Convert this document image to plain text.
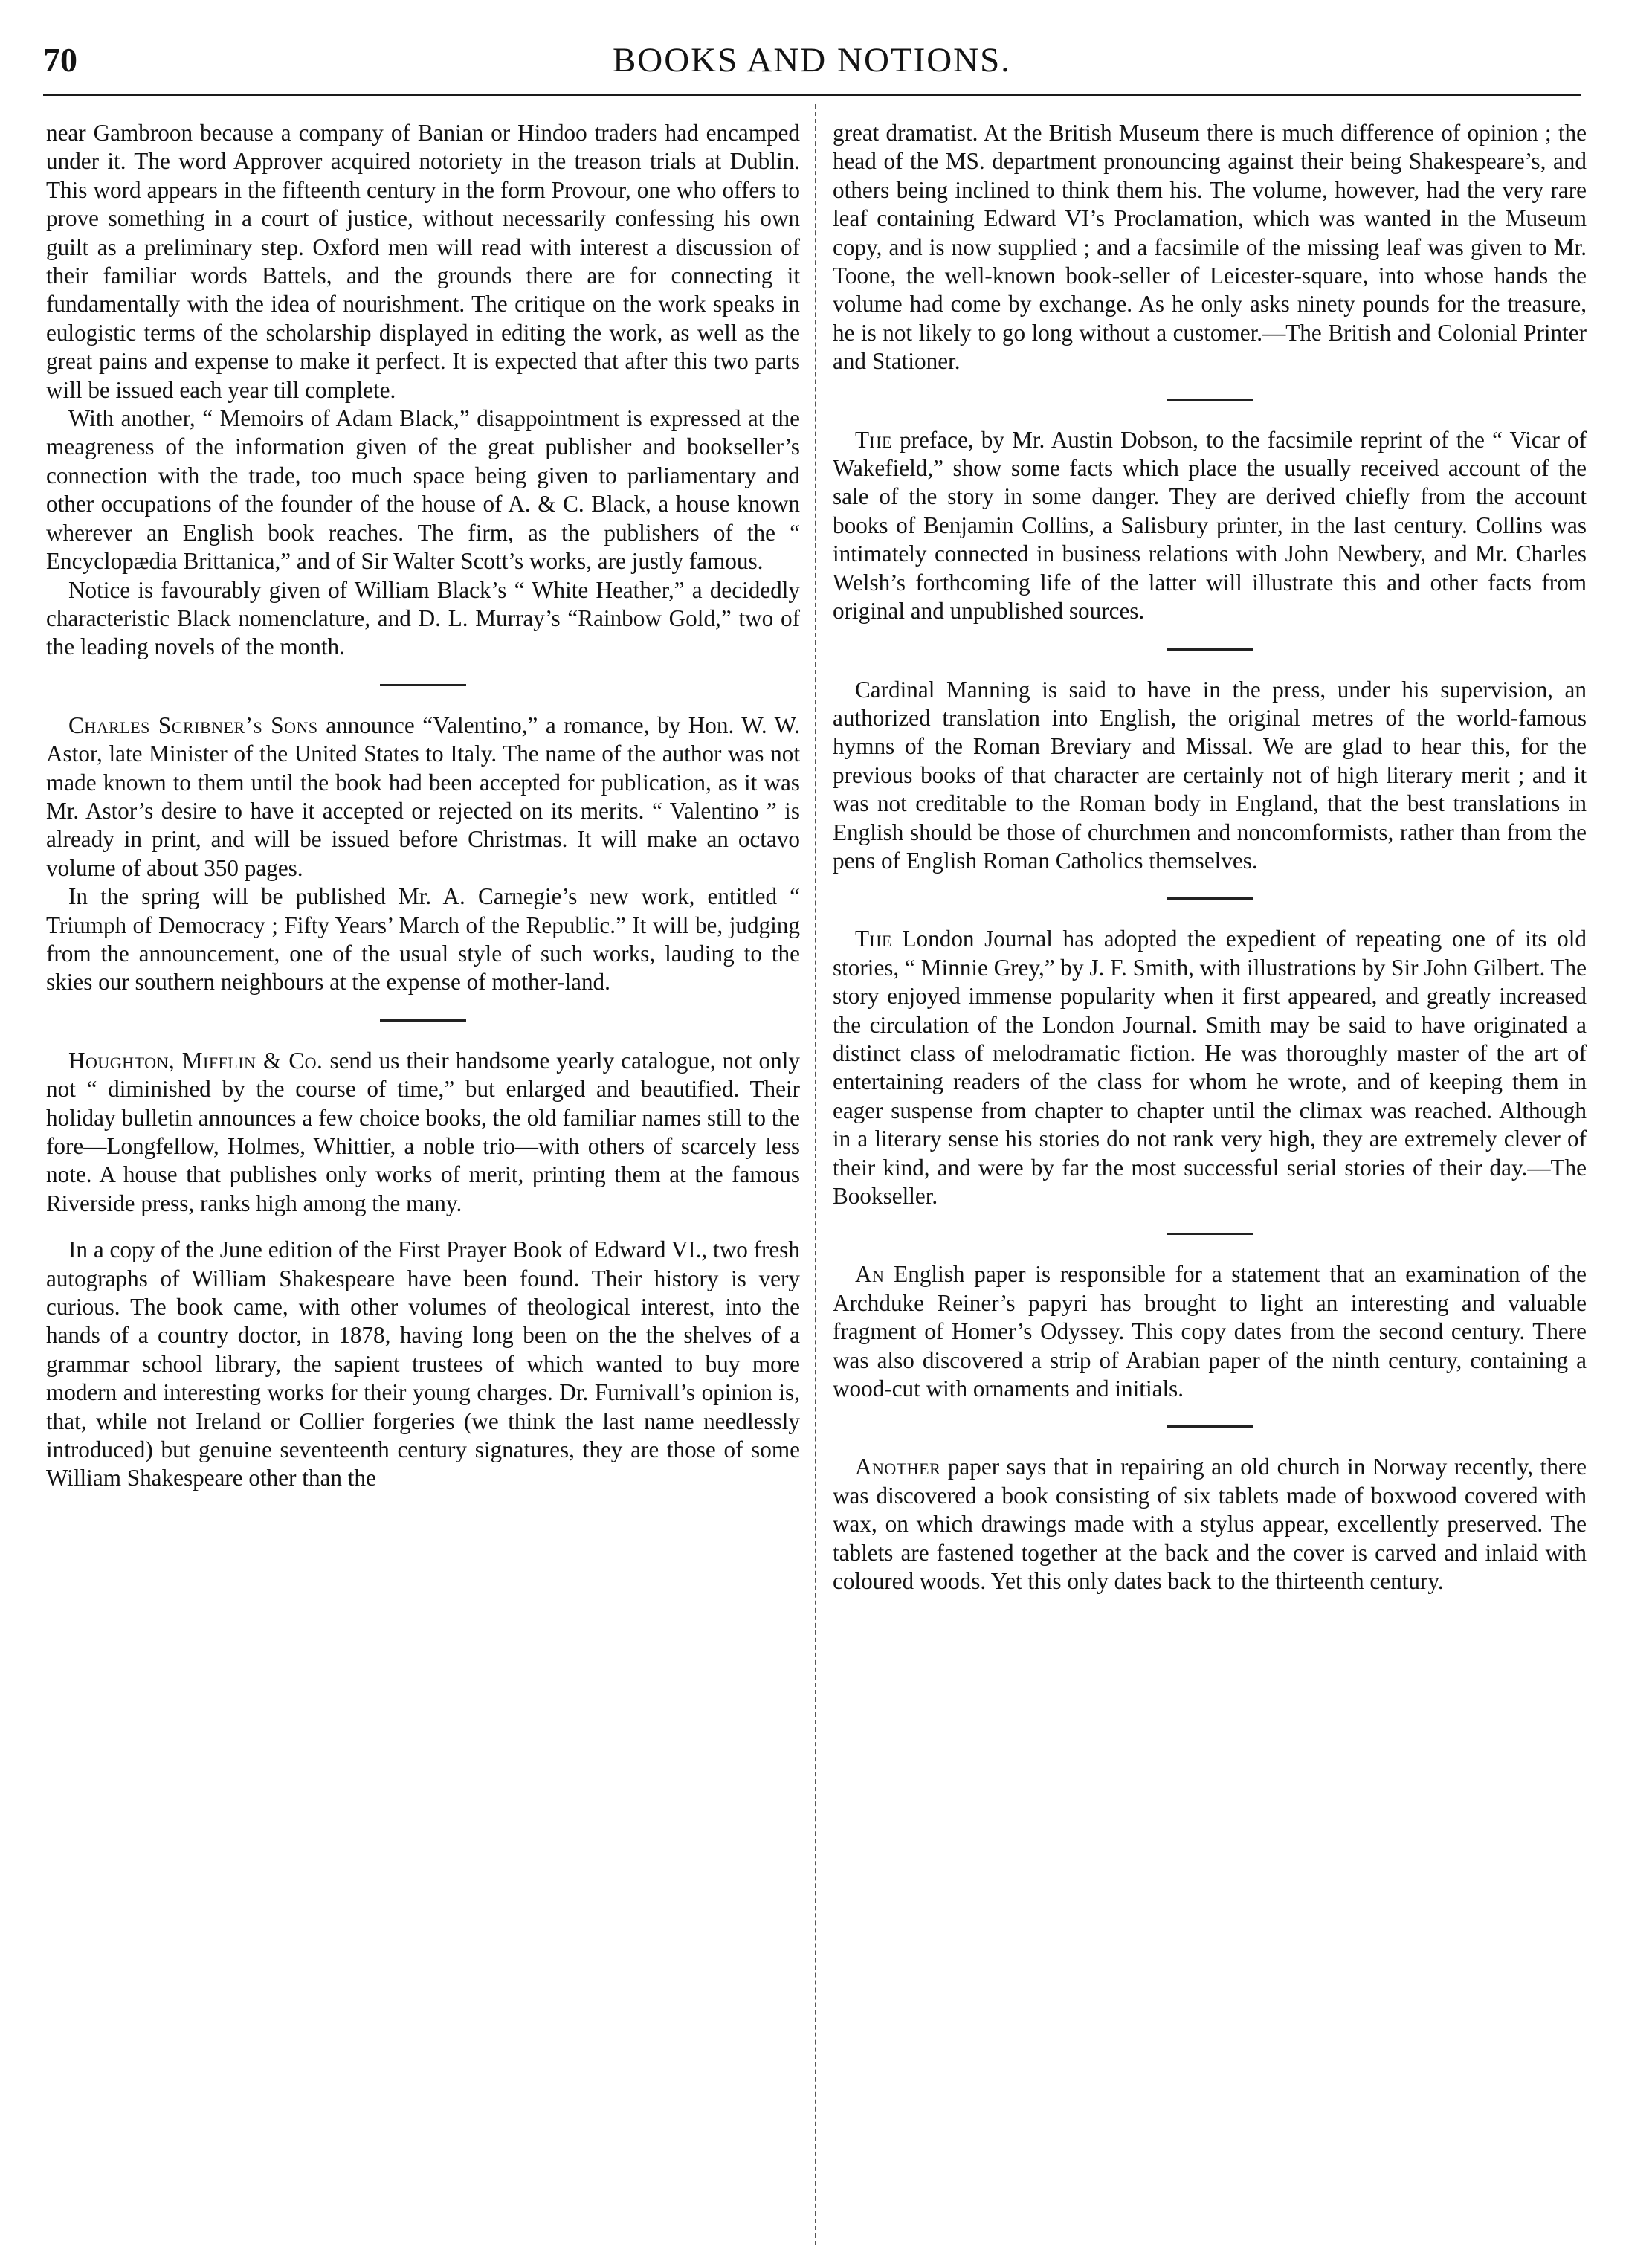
70	BOOKS AND NOTIONS.

near Gambroon because a company of Banian or Hindoo traders had encamped under it. The word Approver acquired notoriety in the treason trials at Dublin. This word appears in the fifteenth century in the form Provour, one who offers to prove something in a court of justice, without necessarily confessing his own guilt as a preliminary step. Oxford men will read with interest a discussion of their familiar words Battels, and the grounds there are for connecting it fundamentally with the idea of nourishment. The critique on the work speaks in eulogistic terms of the scholarship displayed in editing the work, as well as the great pains and expense to make it perfect. It is expected that after this two parts will be issued each year till complete.

With another, “ Memoirs of Adam Black,” disappointment is expressed at the meagreness of the information given of the great publisher and bookseller’s connection with the trade, too much space being given to parliamentary and other occupations of the founder of the house of A. & C. Black, a house known wherever an English book reaches. The firm, as the publishers of the “ Encyclopædia Brittanica,” and of Sir Walter Scott’s works, are justly famous.

Notice is favourably given of William Black’s “ White Heather,” a decidedly characteristic Black nomenclature, and D. L. Murray’s “Rainbow Gold,” two of the leading novels of the month.

Charles Scribner’s Sons announce “Valentino,” a romance, by Hon. W. W. Astor, late Minister of the United States to Italy. The name of the author was not made known to them until the book had been accepted for publication, as it was Mr. Astor’s desire to have it accepted or rejected on its merits. “ Valentino ” is already in print, and will be issued before Christmas. It will make an octavo volume of about 350 pages.

In the spring will be published Mr. A. Carnegie’s new work, entitled “ Triumph of Democracy ; Fifty Years’ March of the Republic.” It will be, judging from the announcement, one of the usual style of such works, lauding to the skies our southern neighbours at the expense of mother-land.

Houghton, Mifflin & Co. send us their handsome yearly catalogue, not only not “ diminished by the course of time,” but enlarged and beautified. Their holiday bulletin announces a few choice books, the old familiar names still to the fore—Longfellow, Holmes, Whittier, a noble trio—with others of scarcely less note. A house that publishes only works of merit, printing them at the famous Riverside press, ranks high among the many.

In a copy of the June edition of the First Prayer Book of Edward VI., two fresh autographs of William Shakespeare have been found. Their history is very curious. The book came, with other volumes of theological interest, into the hands of a country doctor, in 1878, having long been on the the shelves of a grammar school library, the sapient trustees of which wanted to buy more modern and interesting works for their young charges. Dr. Furnivall’s opinion is, that, while not Ireland or Collier forgeries (we think the last name needlessly introduced) but genuine seventeenth century signatures, they are those of some William Shakespeare other than the

great dramatist. At the British Museum there is much difference of opinion ; the head of the MS. department pronouncing against their being Shakespeare’s, and others being inclined to think them his. The volume, however, had the very rare leaf containing Edward VI’s Proclamation, which was wanted in the Museum copy, and is now supplied ; and a facsimile of the missing leaf was given to Mr. Toone, the well-known book-seller of Leicester-square, into whose hands the volume had come by exchange. As he only asks ninety pounds for the treasure, he is not likely to go long without a customer.—The British and Colonial Printer and Stationer.

The preface, by Mr. Austin Dobson, to the facsimile reprint of the “ Vicar of Wakefield,” show some facts which place the usually received account of the sale of the story in some danger. They are derived chiefly from the account books of Benjamin Collins, a Salisbury printer, in the last century. Collins was intimately connected in business relations with John Newbery, and Mr. Charles Welsh’s forthcoming life of the latter will illustrate this and other facts from original and unpublished sources.

Cardinal Manning is said to have in the press, under his supervision, an authorized translation into English, the original metres of the world-famous hymns of the Roman Breviary and Missal. We are glad to hear this, for the previous books of that character are certainly not of high literary merit ; and it was not creditable to the Roman body in England, that the best translations in English should be those of churchmen and noncomformists, rather than from the pens of English Roman Catholics themselves.

The London Journal has adopted the expedient of repeating one of its old stories, “ Minnie Grey,” by J. F. Smith, with illustrations by Sir John Gilbert. The story enjoyed immense popularity when it first appeared, and greatly increased the circulation of the London Journal. Smith may be said to have originated a distinct class of melodramatic fiction. He was thoroughly master of the art of entertaining readers of the class for whom he wrote, and of keeping them in eager suspense from chapter to chapter until the climax was reached. Although in a literary sense his stories do not rank very high, they are extremely clever of their kind, and were by far the most successful serial stories of their day.—The Bookseller.

An English paper is responsible for a statement that an examination of the Archduke Reiner’s papyri has brought to light an interesting and valuable fragment of Homer’s Odyssey. This copy dates from the second century. There was also discovered a strip of Arabian paper of the ninth century, containing a wood-cut with ornaments and initials.

Another paper says that in repairing an old church in Norway recently, there was discovered a book consisting of six tablets made of boxwood covered with wax, on which drawings made with a stylus appear, excellently preserved. The tablets are fastened together at the back and the cover is carved and inlaid with coloured woods. Yet this only dates back to the thirteenth century.
